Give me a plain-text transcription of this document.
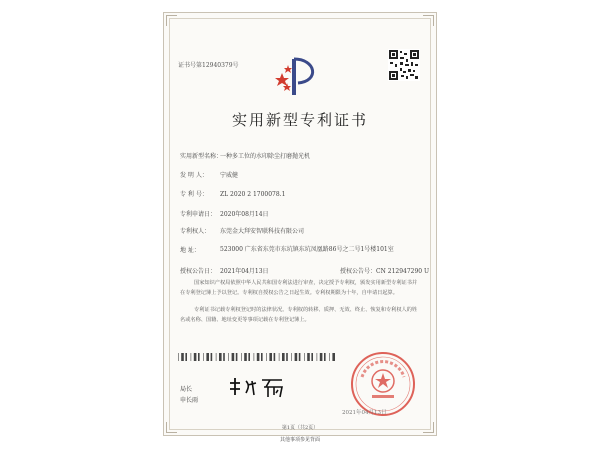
证书号第12940379号
实用新型专利证书
实用新型名称：一种多工位的水印除尘打磨抛光机
发 明 人： 宁威健
专 利 号： ZL 2020 2 1700078.1
专利申请日： 2020年08月14日
专利权人： 东莞金大拜安智联科技有限公司
地 址：	523000 广东省东莞市东坑镇东坑凤凰路86号之二号1号楼101室
授权公告日： 2021年04月13日	授权公告号：CN 212947290 U
国家知识产权局依照中华人民共和国专利法进行审查，决定授予专利权，颁发实用新型专利证书并在专利登记簿上予以登记。专利权自授权公告之日起生效。专利权期限为十年，自申请日起算。
专利证书记载专利权登记时的法律状况。专利权的转移、质押、无效、终止、恢复和专利权人的姓名或名称、国籍、地址变更等事项记载在专利登记簿上。
局长
申长雨
2021年04月13日
第1页（共2页）
其他事项参见背面
